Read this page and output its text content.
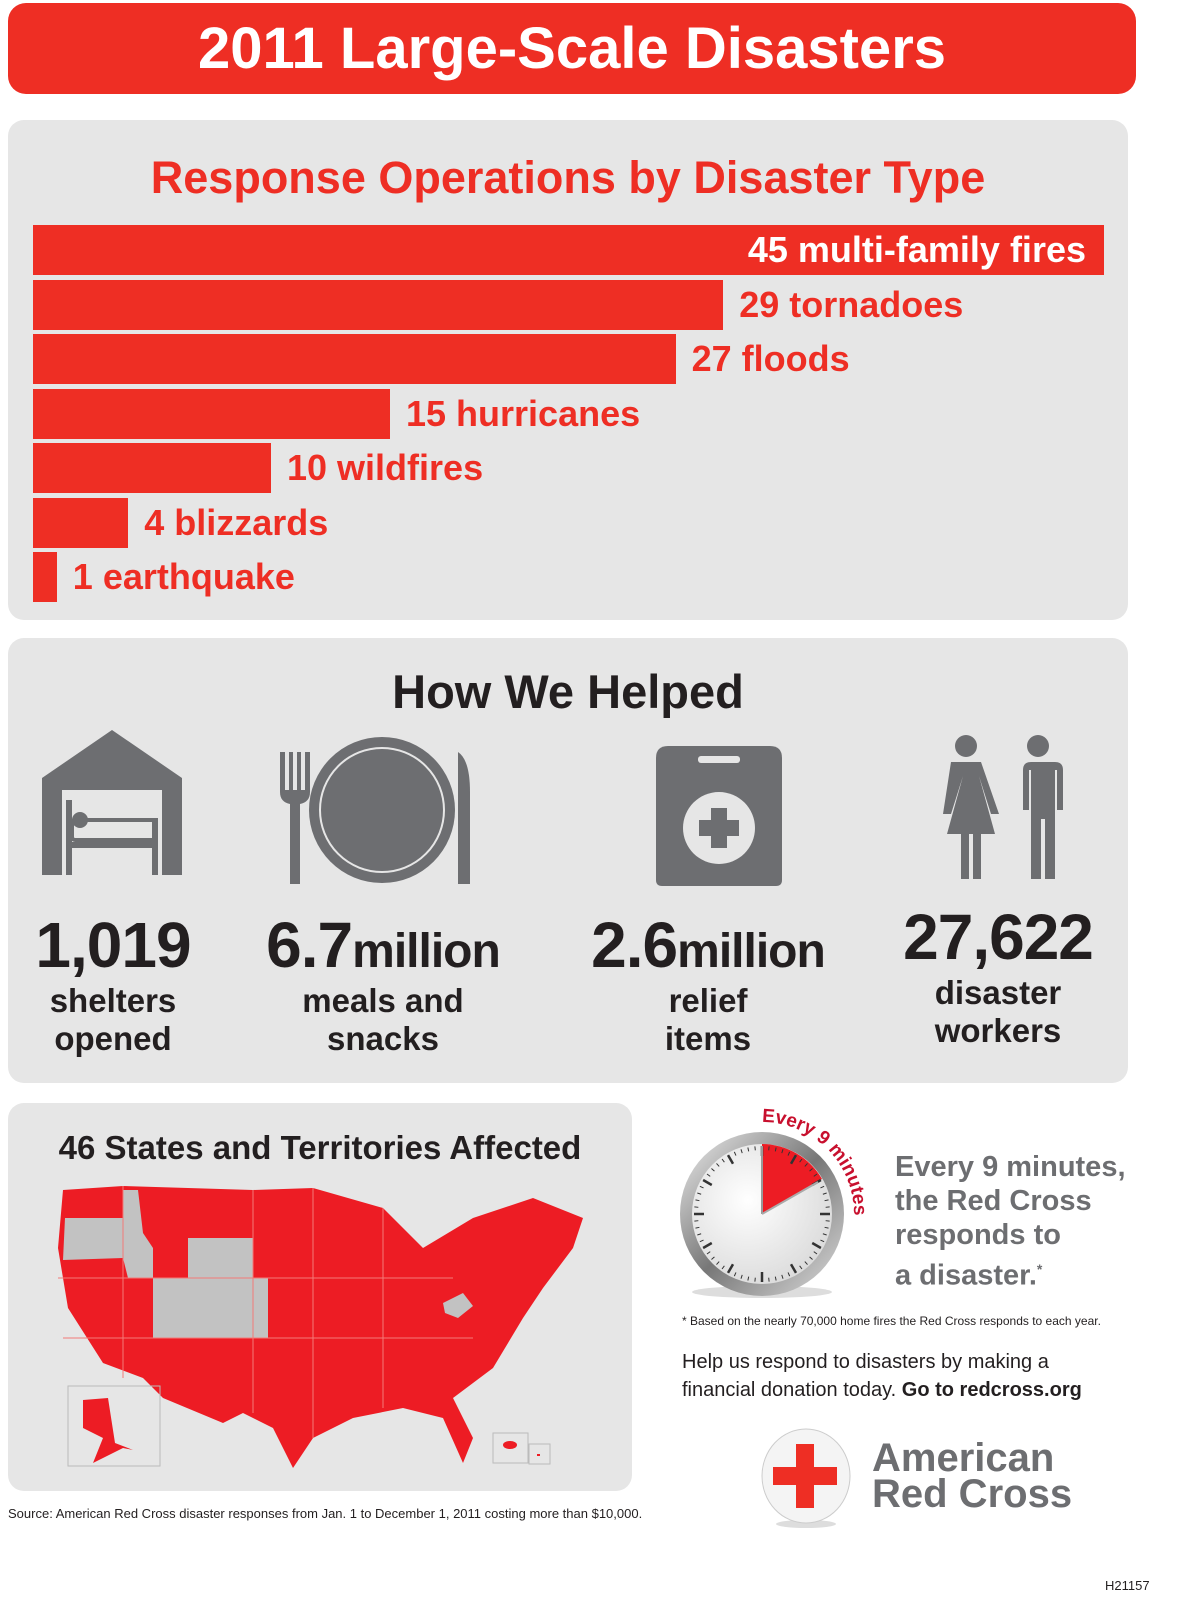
2011 Large-Scale Disasters
Response Operations by Disaster Type
45 multi-family fires
29 tornadoes
27 floods
15 hurricanes
10 wildfires
4 blizzards
1 earthquake
How We Helped
1,019
shelters
opened
6.7million
meals and
snacks
2.6million
relief
items
27,622
disaster
workers
46 States and Territories Affected
Every 9 minutes
Every 9 minutes,
the Red Cross
responds to
a disaster.*
* Based on the nearly 70,000 home fires the Red Cross responds to each year.
Help us respond to disasters by making a
financial donation today. Go to redcross.org
American
Red Cross
Source: American Red Cross disaster responses from Jan. 1 to December 1, 2011 costing more than $10,000.
H21157
